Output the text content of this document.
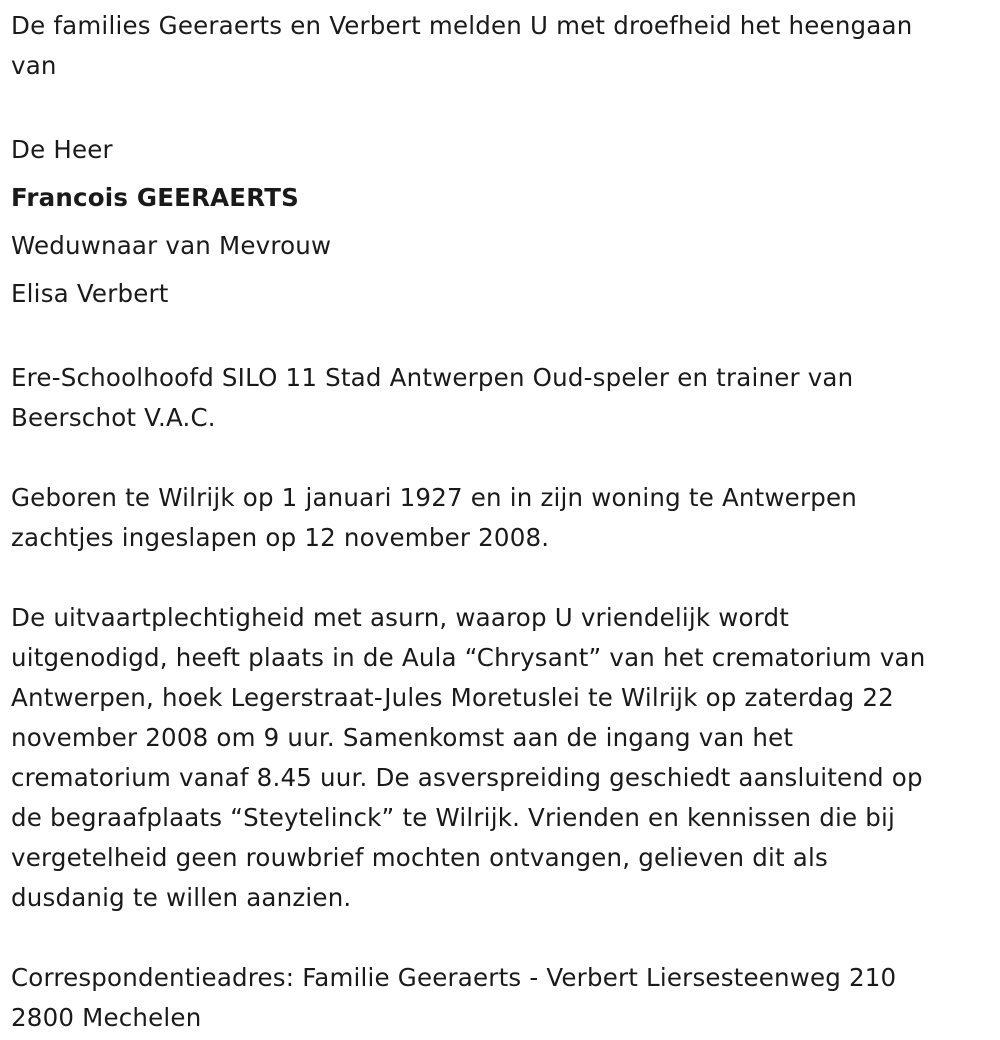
De families Geeraerts en Verbert melden U met droefheid het heengaan
van
De Heer
Francois GEERAERTS
Weduwnaar van Mevrouw
Elisa Verbert
Ere-Schoolhoofd SILO 11 Stad Antwerpen Oud-speler en trainer van
Beerschot V.A.C.
Geboren te Wilrijk op 1 januari 1927 en in zijn woning te Antwerpen
zachtjes ingeslapen op 12 november 2008.
De uitvaartplechtigheid met asurn, waarop U vriendelijk wordt
uitgenodigd, heeft plaats in de Aula “Chrysant” van het crematorium van
Antwerpen, hoek Legerstraat-Jules Moretuslei te Wilrijk op zaterdag 22
november 2008 om 9 uur. Samenkomst aan de ingang van het
crematorium vanaf 8.45 uur. De asverspreiding geschiedt aansluitend op
de begraafplaats “Steytelinck” te Wilrijk. Vrienden en kennissen die bij
vergetelheid geen rouwbrief mochten ontvangen, gelieven dit als
dusdanig te willen aanzien.
Correspondentieadres: Familie Geeraerts - Verbert Liersesteenweg 210
2800 Mechelen
